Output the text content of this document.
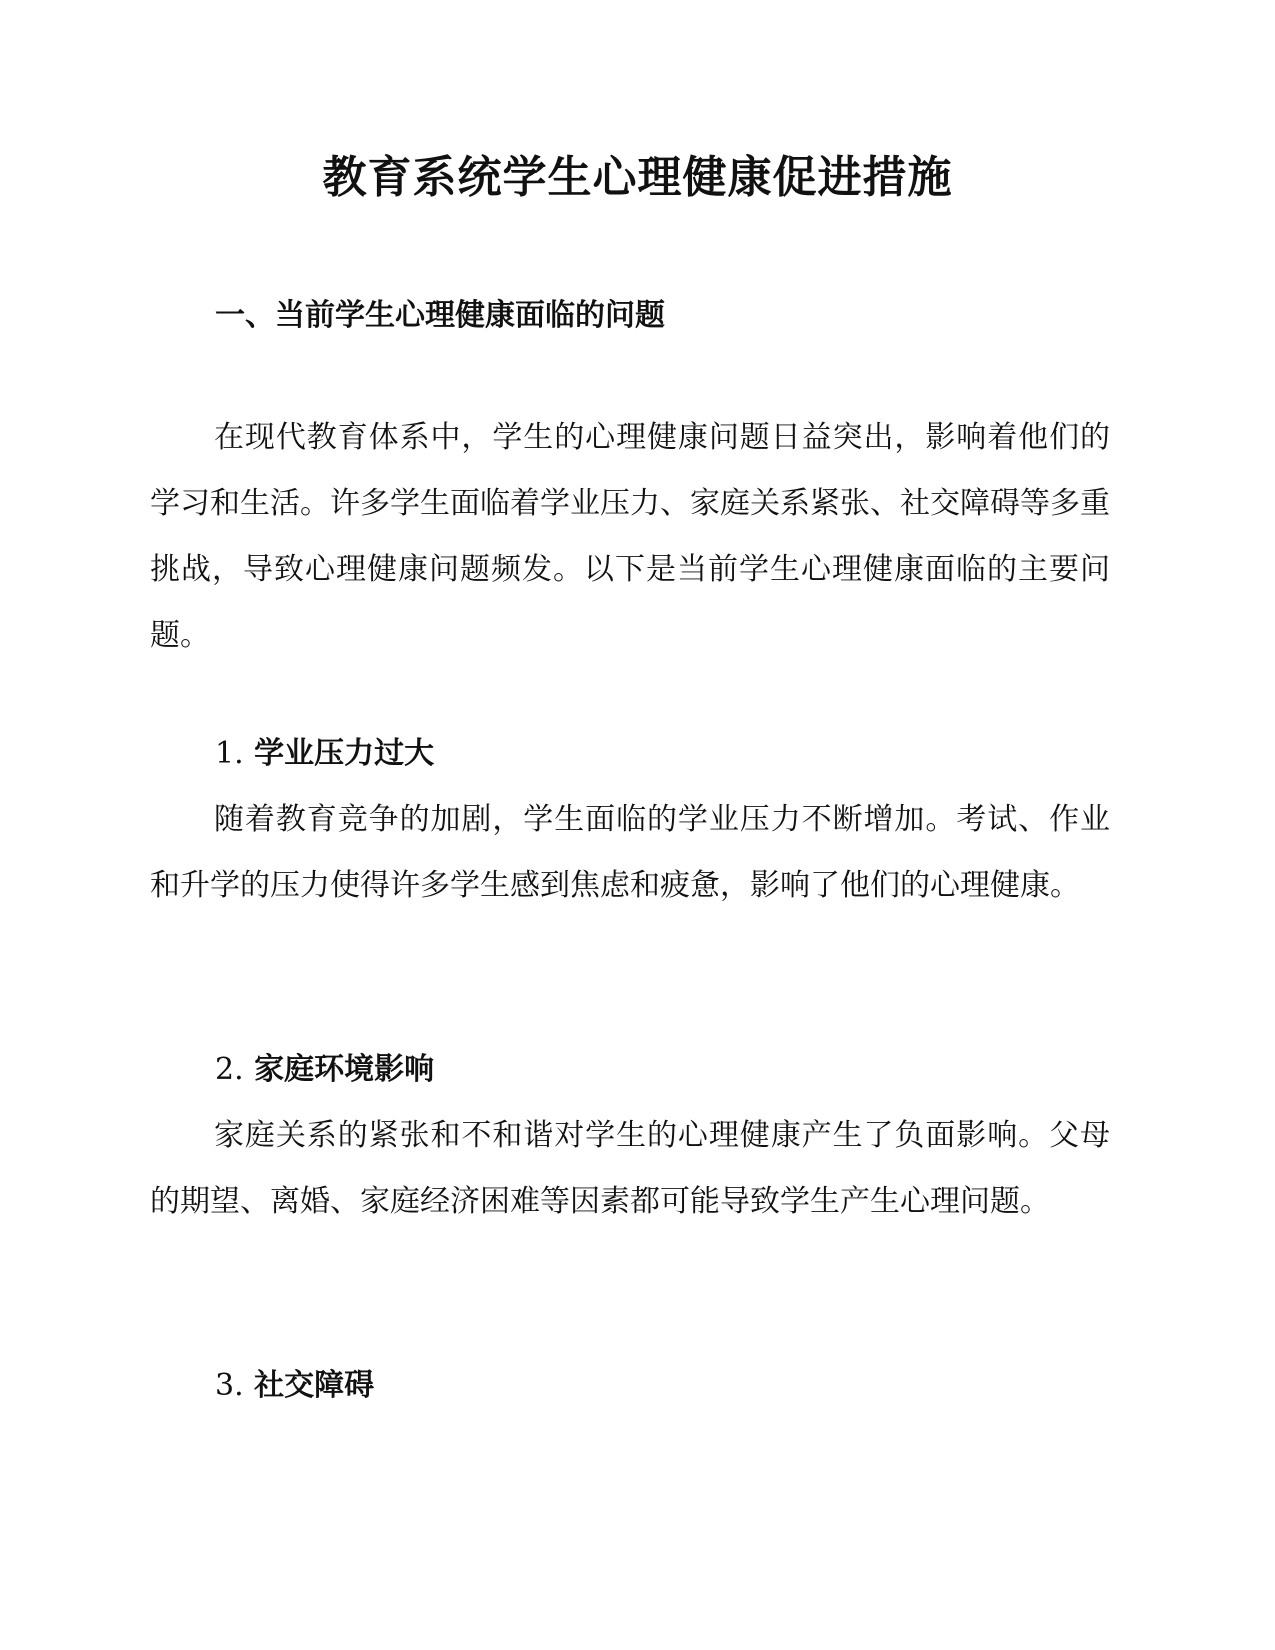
教育系统学生心理健康促进措施
一、当前学生心理健康面临的问题

在现代教育体系中，学生的心理健康问题日益突出，影响着他们的学习和生活。许多学生面临着学业压力、家庭关系紧张、社交障碍等多重挑战，导致心理健康问题频发。以下是当前学生心理健康面临的主要问题。

1. 学业压力过大

随着教育竞争的加剧，学生面临的学业压力不断增加。考试、作业和升学的压力使得许多学生感到焦虑和疲惫，影响了他们的心理健康。

2. 家庭环境影响

家庭关系的紧张和不和谐对学生的心理健康产生了负面影响。父母的期望、离婚、家庭经济困难等因素都可能导致学生产生心理问题。

3. 社交障碍
